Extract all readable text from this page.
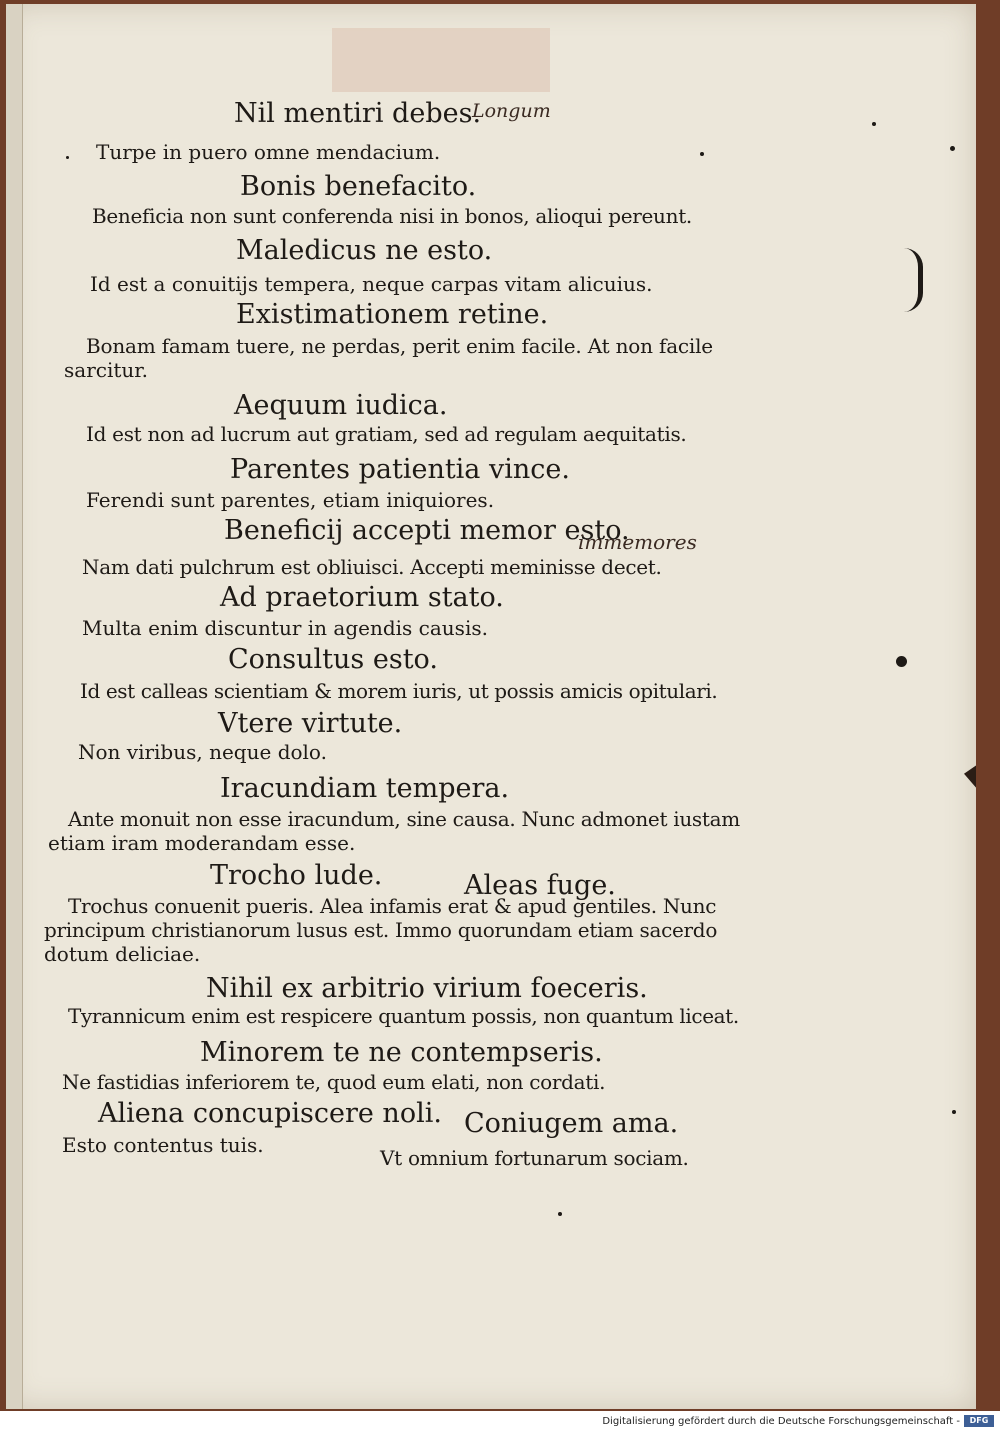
Nil mentiri debes.
Longum
Turpe in puero omne mendacium.
Bonis benefacito.
Beneficia non sunt conferenda nisi in bonos, alioqui pereunt.
Maledicus ne esto.
Id est a conuitijs tempera, neque carpas vitam alicuius.
Existimationem retine.
Bonam famam tuere, ne perdas, perit enim facile. At non facile
sarcitur.
Aequum iudica.
Id est non ad lucrum aut gratiam, sed ad regulam aequitatis.
Parentes patientia vince.
Ferendi sunt parentes, etiam iniquiores.
Beneficij accepti memor esto.
immemores
Nam dati pulchrum est obliuisci. Accepti meminisse decet.
Ad praetorium stato.
Multa enim discuntur in agendis causis.
Consultus esto.
Id est calleas scientiam & morem iuris, ut possis amicis opitulari.
Vtere virtute.
Non viribus, neque dolo.
Iracundiam tempera.
Ante monuit non esse iracundum, sine causa. Nunc admonet iustam
etiam iram moderandam esse.
Trocho lude.	Aleas fuge.
Trochus conuenit pueris. Alea infamis erat & apud gentiles. Nunc
principum christianorum lusus est. Immo quorundam etiam sacerdo
dotum deliciae.
Nihil ex arbitrio virium foeceris.
Tyrannicum enim est respicere quantum possis, non quantum liceat.
Minorem te ne contempseris.
Ne fastidias inferiorem te, quod eum elati, non cordati.
Aliena concupiscere noli. Coniugem ama.
Esto contentus tuis.
Vt omnium fortunarum sociam.
Digitalisierung gefördert durch die Deutsche Forschungsgemeinschaft -	DFG
